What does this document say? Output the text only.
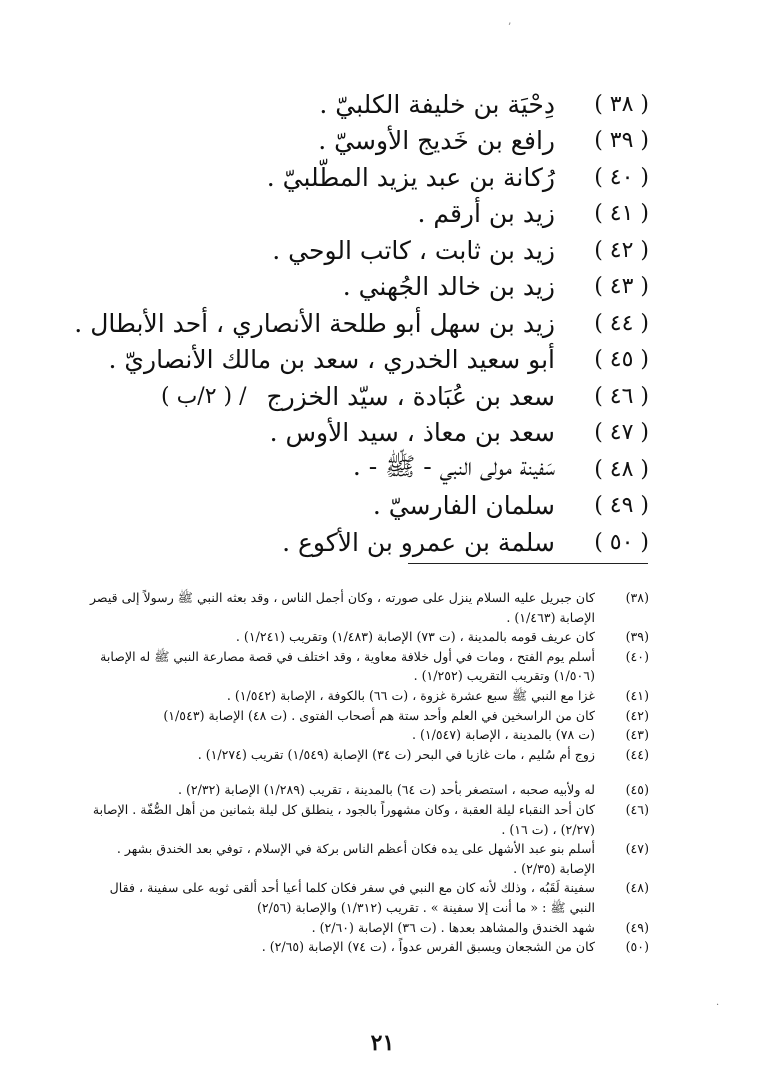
( ٣٨ )
دِحْيَة بن خليفة الكلبيّ .
( ٣٩ )
رافع بن خَديج الأوسيّ .
( ٤٠ )
رُكانة بن عبد يزيد المطّلبيّ .
( ٤١ )
زيد بن أرقم .
( ٤٢ )
زيد بن ثابت ، كاتب الوحي .
( ٤٣ )
زيد بن خالد الجُهني .
( ٤٤ )
زيد بن سهل أبو طلحة الأنصاري ، أحد الأبطال .
( ٤٥ )
أبو سعيد الخدري ، سعد بن مالك الأنصاريّ .
( ٤٦ )
سعد بن عُبَادة ، سيّد الخزرج
/ ( ٢/ب )
( ٤٧ )
سعد بن معاذ ، سيد الأوس .
( ٤٨ )
سَفينة مولى النبي - ﷺ - .
( ٤٩ )
سلمان الفارسيّ .
( ٥٠ )
سلمة بن عمرو بن الأكوع .
(٣٨)
كان جبريل عليه السلام ينزل على صورته ، وكان أجمل الناس ، وقد بعثه النبي ﷺ رسولاً إلى قيصر الإصابة (١/٤٦٣) .
(٣٩)
كان عريف قومه بالمدينة ، (ت ٧٣) الإصابة (١/٤٨٣) وتقريب (١/٢٤١) .
(٤٠)
أسلم يوم الفتح ، ومات في أول خلافة معاوية ، وقد اختلف في قصة مصارعة النبي ﷺ له الإصابة (١/٥٠٦) وتقريب التقريب (١/٢٥٢) .
(٤١)
غزا مع النبي ﷺ سبع عشرة غزوة ، (ت ٦٦) بالكوفة ، الإصابة (١/٥٤٢) .
(٤٢)
كان من الراسخين في العلم وأحد ستة هم أصحاب الفتوى . (ت ٤٨) الإصابة (١/٥٤٣)
(٤٣)
(ت ٧٨) بالمدينة ، الإصابة (١/٥٤٧) .
(٤٤)
زوج أم سُليم ، مات غازيا في البحر (ت ٣٤) الإصابة (١/٥٤٩) تقريب (١/٢٧٤) .
(٤٥)
له ولأبيه صحبه ، استصغر بأحد (ت ٦٤) بالمدينة ، تقريب (١/٢٨٩) الإصابة (٢/٣٢) .
(٤٦)
كان أحد النقباء ليلة العقبة ، وكان مشهوراً بالجود ، ينطلق كل ليلة بثمانين من أهل الصُّفّة . الإصابة (٢/٢٧) ، (ت ١٦) .
(٤٧)
أسلم بنو عبد الأشهل على يده فكان أعظم الناس بركة في الإسلام ، توفي بعد الخندق بشهر . الإصابة (٢/٣٥) .
(٤٨)
سفينة لَقَبُه ، وذلك لأنه كان مع النبي في سفر فكان كلما أعيا أحد ألقى ثوبه على سفينة ، فقال النبي ﷺ : « ما أنت إلا سفينة » . تقريب (١/٣١٢) والإصابة (٢/٥٦)
(٤٩)
شهد الخندق والمشاهد بعدها . (ت ٣٦) الإصابة (٢/٦٠) .
(٥٠)
كان من الشجعان ويسبق الفرس عدواً ، (ت ٧٤) الإصابة (٢/٦٥) .
٢١
’
·
